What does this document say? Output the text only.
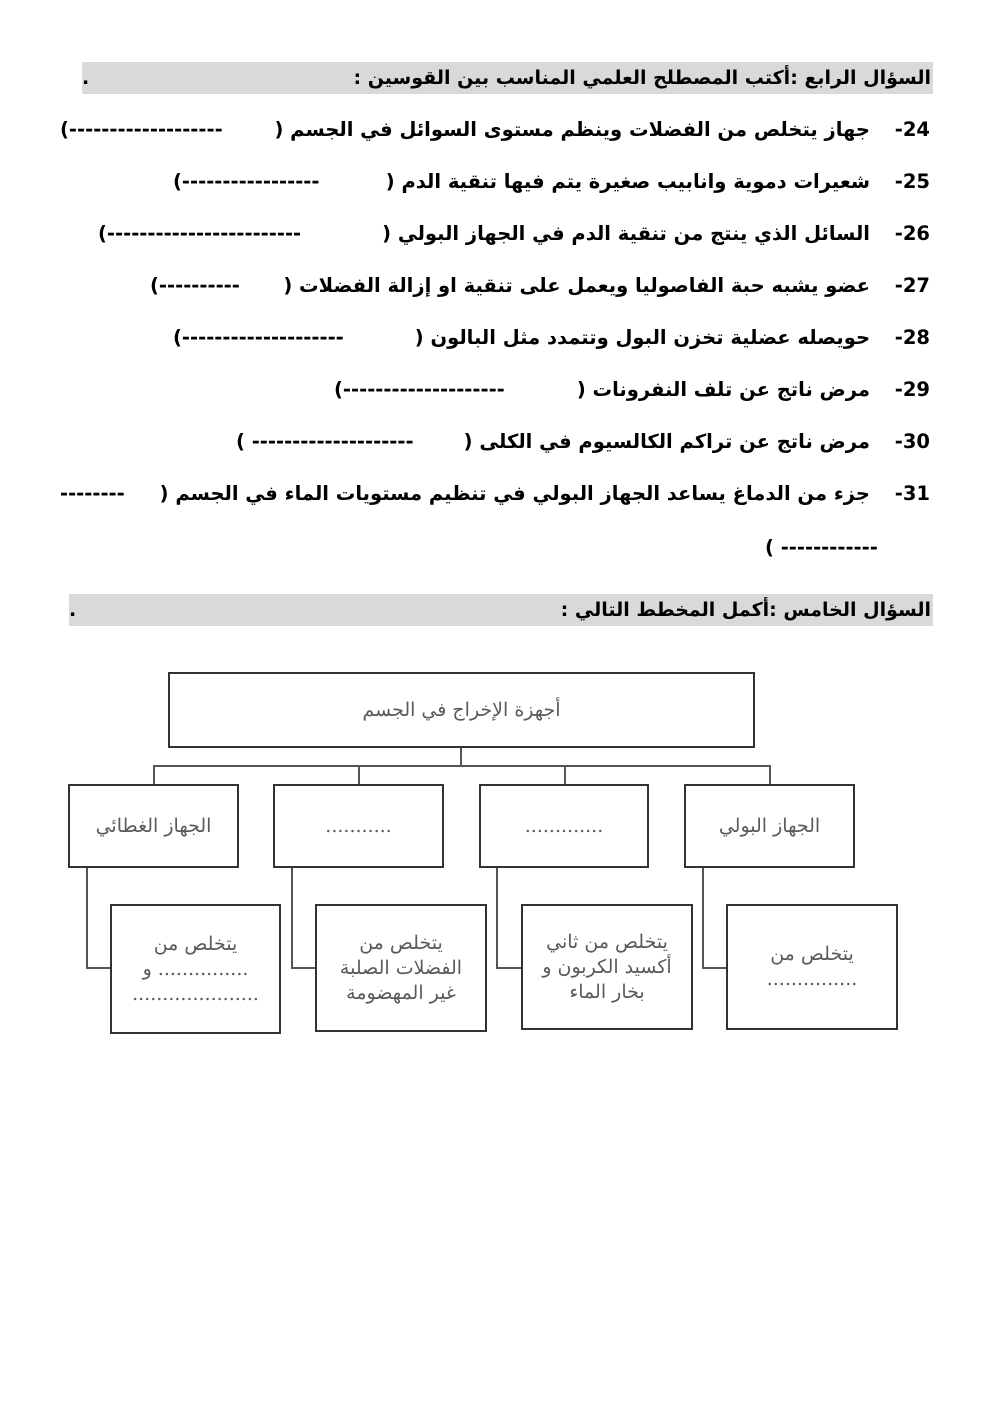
السؤال الرابع :أكتب المصطلح العلمي المناسب بين القوسين :
.
24-جهاز يتخلص من الفضلات وينظم مستوى السوائل في الجسم (
-------------------)
25-شعيرات دموية وانابيب صغيرة يتم فيها تنقية الدم (
-----------------)
26-السائل الذي ينتج من تنقية الدم في الجهاز البولي (
------------------------)
27-عضو يشبه حبة الفاصوليا ويعمل على تنقية او إزالة الفضلات (
----------)
28-حويصله عضلية تخزن البول وتتمدد مثل البالون (
--------------------)
29-مرض ناتج عن تلف النفرونات (
--------------------)
30-مرض ناتج عن تراكم الكالسيوم في الكلى (
-------------------- )
31-جزء من الدماغ يساعد الجهاز البولي في تنظيم مستويات الماء في الجسم (
--------
------------ )
السؤال الخامس :أكمل المخطط التالي :
.
أجهزة الإخراج في الجسم
الجهاز الغطائي	...........	.............	الجهاز البولي
يتخلص من
............... و
.....................
يتخلص من
الفضلات الصلبة
غير المهضومة
يتخلص من ثاني
أكسيد الكربون و
بخار الماء
يتخلص من
...............
